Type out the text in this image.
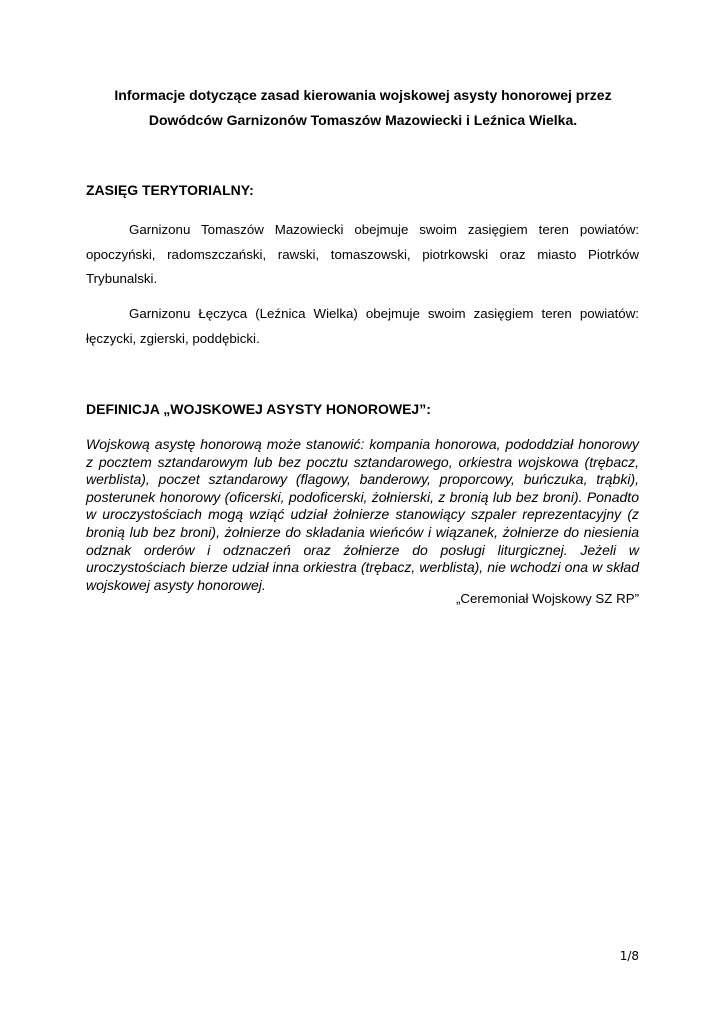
Informacje dotyczące zasad kierowania wojskowej asysty honorowej przez
Dowódców Garnizonów Tomaszów Mazowiecki i Leźnica Wielka.
ZASIĘG TERYTORIALNY:

Garnizonu Tomaszów Mazowiecki obejmuje swoim zasięgiem teren powiatów: opoczyński, radomszczański, rawski, tomaszowski, piotrkowski oraz miasto Piotrków Trybunalski.

Garnizonu Łęczyca (Leźnica Wielka) obejmuje swoim zasięgiem teren powiatów: łęczycki, zgierski, poddębicki.

DEFINICJA „WOJSKOWEJ ASYSTY HONOROWEJ”:

Wojskową asystę honorową może stanowić: kompania honorowa, pododdział honorowy z pocztem sztandarowym lub bez pocztu sztandarowego, orkiestra wojskowa (trębacz, werblista), poczet sztandarowy (flagowy, banderowy, proporcowy, buńczuka, trąbki), posterunek honorowy (oficerski, podoficerski, żołnierski, z bronią lub bez broni). Ponadto w uroczystościach mogą wziąć udział żołnierze stanowiący szpaler reprezentacyjny (z bronią lub bez broni), żołnierze do składania wieńców i wiązanek, żołnierze do niesienia odznak orderów i odznaczeń oraz żołnierze do posługi liturgicznej. Jeżeli w uroczystościach bierze udział inna orkiestra (trębacz, werblista), nie wchodzi ona w skład wojskowej asysty honorowej.

„Ceremoniał Wojskowy SZ RP”
1/8
